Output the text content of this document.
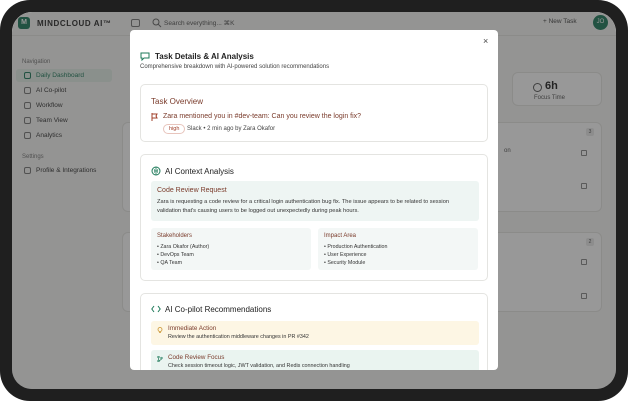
M	MINDCLOUD AI™	Search everything... ⌘K	+ New Task	JO
Navigation
Daily Dashboard
AI Co-pilot
Workflow
Team View
Analytics
Settings
Profile & Integrations
6h
Focus Time
3
on
2
Task Details & AI Analysis
Comprehensive breakdown with AI-powered solution recommendations
×
Task Overview
Zara mentioned you in #dev-team: Can you review the login fix?
high	Slack • 2 min ago by Zara Okafor
AI Context Analysis
Code Review Request
Zara is requesting a code review for a critical login authentication bug fix. The issue appears to be related to session validation that's causing users to be logged out unexpectedly during peak hours.
Stakeholders
• Zara Okafor (Author)
• DevOps Team
• QA Team
Impact Area
• Production Authentication
• User Experience
• Security Module
AI Co-pilot Recommendations
Immediate Action
Review the authentication middleware changes in PR #342
Code Review Focus
Check session timeout logic, JWT validation, and Redis connection handling
